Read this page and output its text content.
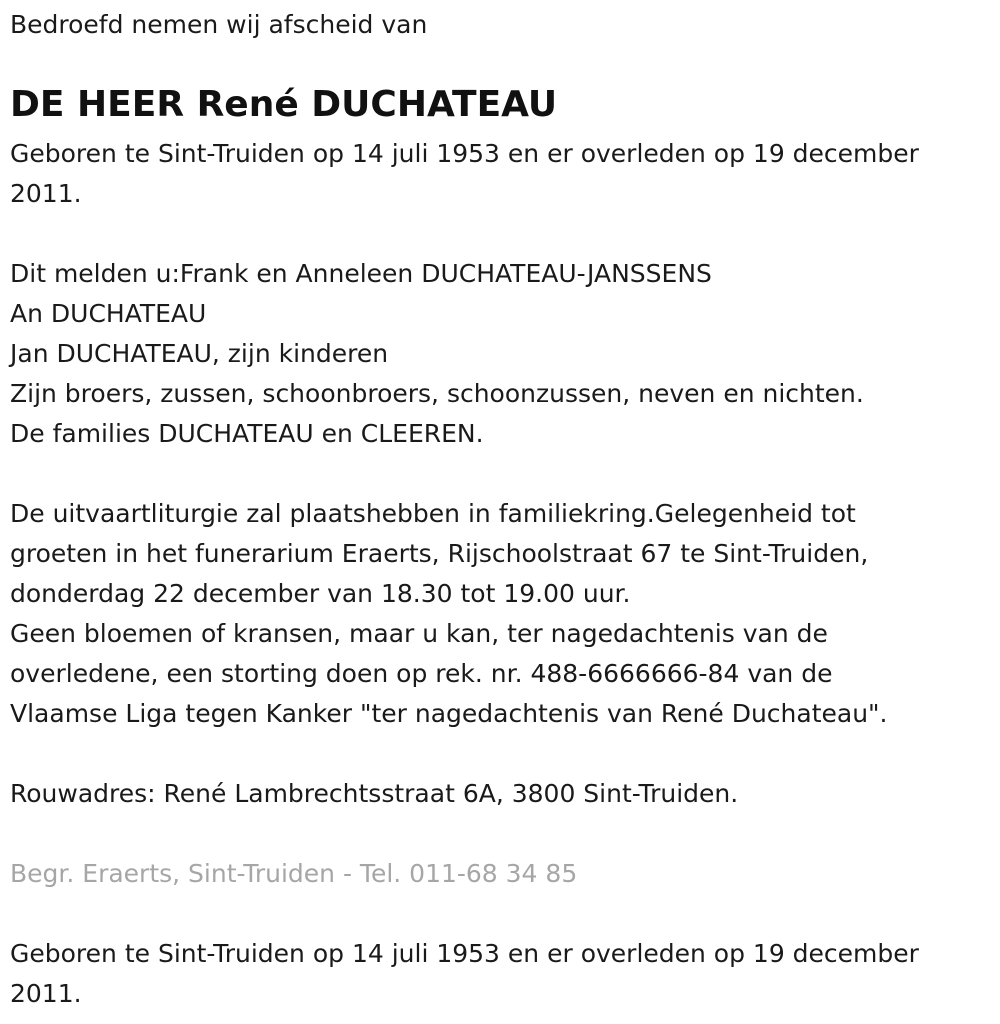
Bedroefd nemen wij afscheid van
DE HEER René DUCHATEAU
Geboren te Sint-Truiden op 14 juli 1953 en er overleden op 19 december
2011.
Dit melden u:Frank en Anneleen DUCHATEAU-JANSSENS
An DUCHATEAU
Jan DUCHATEAU, zijn kinderen
Zijn broers, zussen, schoonbroers, schoonzussen, neven en nichten.
De families DUCHATEAU en CLEEREN.
De uitvaartliturgie zal plaatshebben in familiekring.Gelegenheid tot
groeten in het funerarium Eraerts, Rijschoolstraat 67 te Sint-Truiden,
donderdag 22 december van 18.30 tot 19.00 uur.
Geen bloemen of kransen, maar u kan, ter nagedachtenis van de
overledene, een storting doen op rek. nr. 488-6666666-84 van de
Vlaamse Liga tegen Kanker "ter nagedachtenis van René Duchateau".
Rouwadres: René Lambrechtsstraat 6A, 3800 Sint-Truiden.
Begr. Eraerts, Sint-Truiden - Tel. 011-68 34 85
Geboren te Sint-Truiden op 14 juli 1953 en er overleden op 19 december
2011.
